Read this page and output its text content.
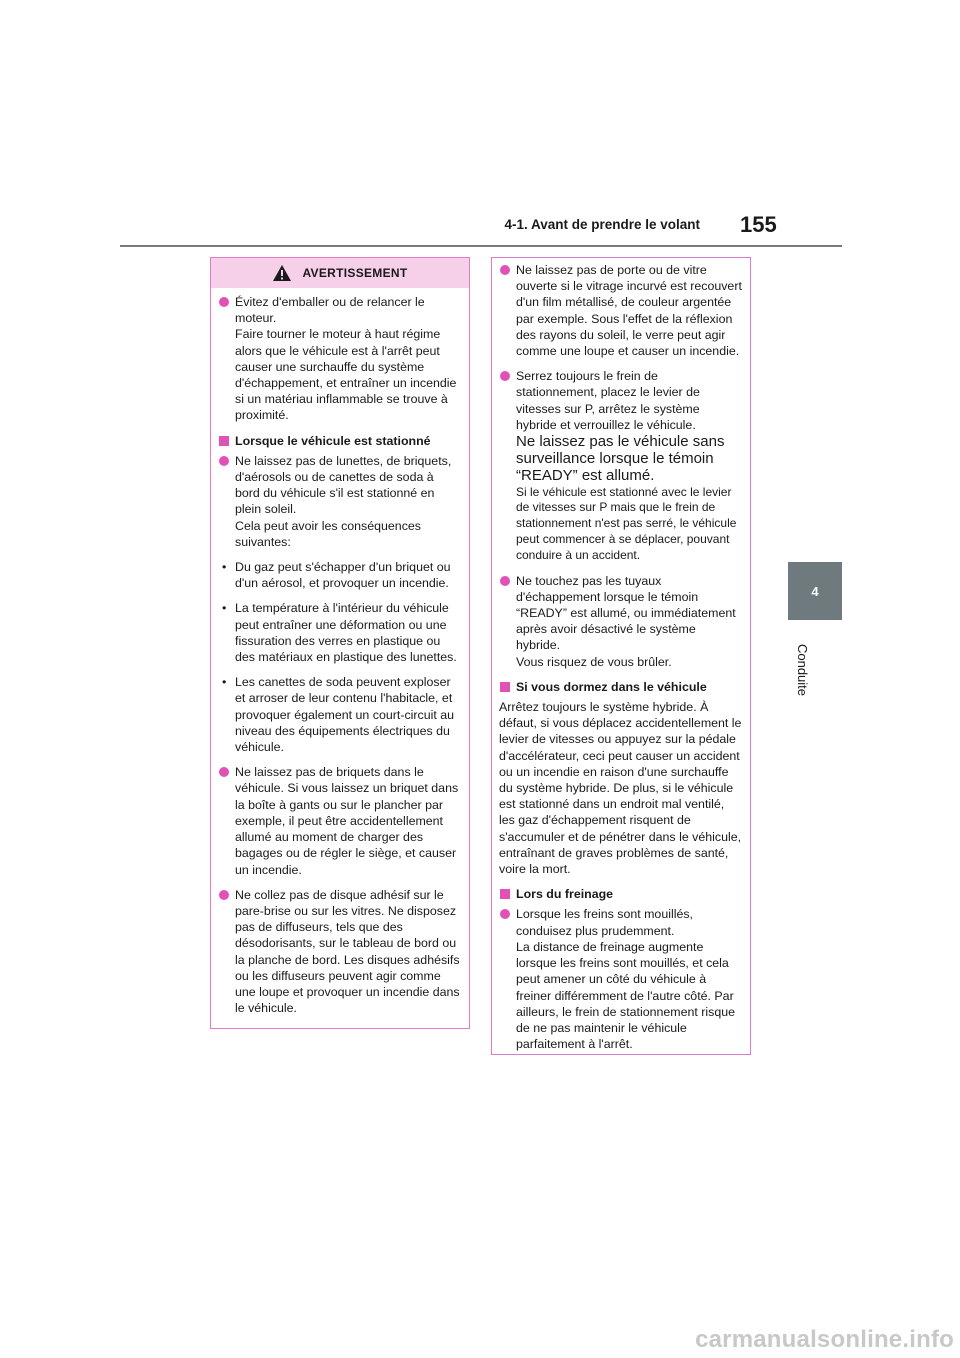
4-1. Avant de prendre le volant 155
4
Conduite
AVERTISSEMENT
Évitez d'emballer ou de relancer le moteur.
Faire tourner le moteur à haut régime alors que le véhicule est à l'arrêt peut causer une surchauffe du système d'échappement, et entraîner un incendie si un matériau inflammable se trouve à proximité.
Lorsque le véhicule est stationné
Ne laissez pas de lunettes, de briquets, d'aérosols ou de canettes de soda à bord du véhicule s'il est stationné en plein soleil.
Cela peut avoir les conséquences suivantes:
• Du gaz peut s'échapper d'un briquet ou d'un aérosol, et provoquer un incendie.
• La température à l'intérieur du véhicule peut entraîner une déformation ou une fissuration des verres en plastique ou des matériaux en plastique des lunettes.
• Les canettes de soda peuvent exploser et arroser de leur contenu l'habitacle, et provoquer également un court-circuit au niveau des équipements électriques du véhicule.
Ne laissez pas de briquets dans le véhicule. Si vous laissez un briquet dans la boîte à gants ou sur le plancher par exemple, il peut être accidentellement allumé au moment de charger des bagages ou de régler le siège, et causer un incendie.
Ne collez pas de disque adhésif sur le pare-brise ou sur les vitres. Ne disposez pas de diffuseurs, tels que des désodorisants, sur le tableau de bord ou la planche de bord. Les disques adhésifs ou les diffuseurs peuvent agir comme une loupe et provoquer un incendie dans le véhicule.
Ne laissez pas de porte ou de vitre ouverte si le vitrage incurvé est recouvert d'un film métallisé, de couleur argentée par exemple. Sous l'effet de la réflexion des rayons du soleil, le verre peut agir comme une loupe et causer un incendie.
Serrez toujours le frein de stationnement, placez le levier de vitesses sur P, arrêtez le système hybride et verrouillez le véhicule.
Ne laissez pas le véhicule sans surveillance lorsque le témoin “READY” est allumé.
Si le véhicule est stationné avec le levier de vitesses sur P mais que le frein de stationnement n'est pas serré, le véhicule peut commencer à se déplacer, pouvant conduire à un accident.
Ne touchez pas les tuyaux d'échappement lorsque le témoin “READY” est allumé, ou immédiatement après avoir désactivé le système hybride.
Vous risquez de vous brûler.
Si vous dormez dans le véhicule
Arrêtez toujours le système hybride. À défaut, si vous déplacez accidentellement le levier de vitesses ou appuyez sur la pédale d'accélérateur, ceci peut causer un accident ou un incendie en raison d'une surchauffe du système hybride. De plus, si le véhicule est stationné dans un endroit mal ventilé, les gaz d'échappement risquent de s'accumuler et de pénétrer dans le véhicule, entraînant de graves problèmes de santé, voire la mort.
Lors du freinage
Lorsque les freins sont mouillés, conduisez plus prudemment.
La distance de freinage augmente lorsque les freins sont mouillés, et cela peut amener un côté du véhicule à freiner différemment de l'autre côté. Par ailleurs, le frein de stationnement risque de ne pas maintenir le véhicule parfaitement à l'arrêt.
carmanualsonline.info
